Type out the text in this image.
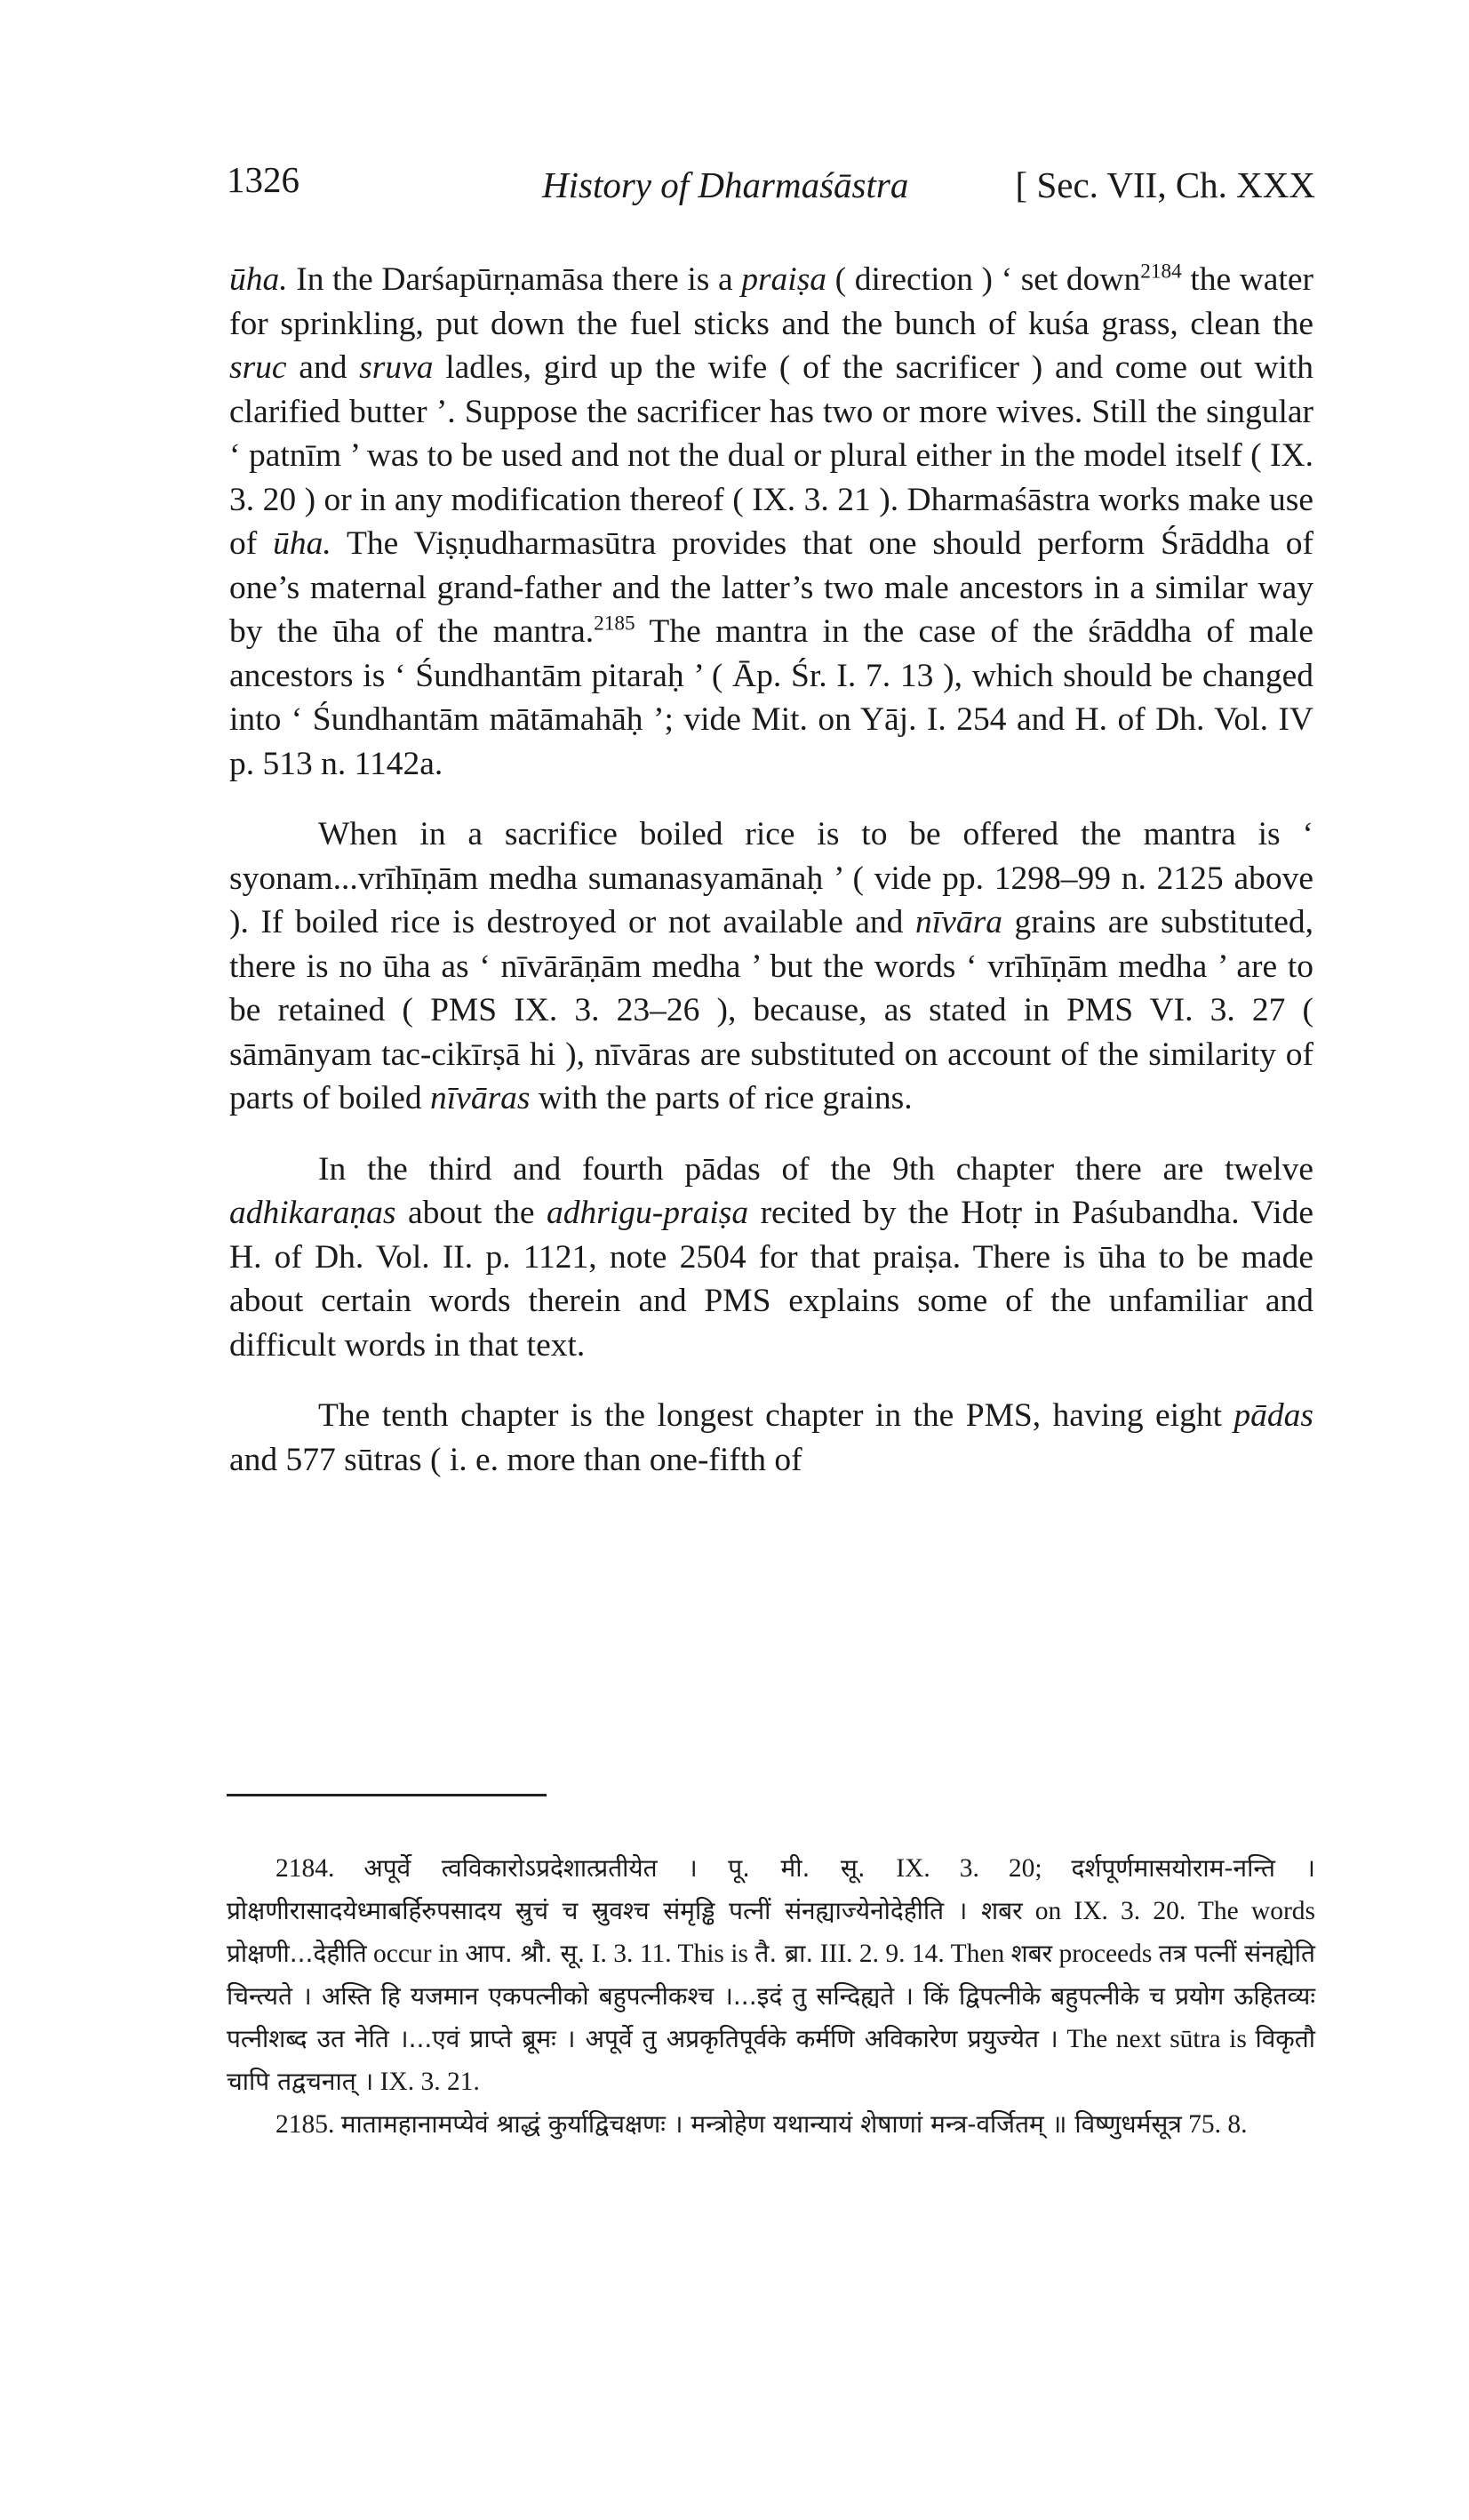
1326	History of Dharmaśāstra	[ Sec. VII, Ch. XXX

ūha. In the Darśapūrṇamāsa there is a praiṣa ( direction ) ‘ set down$^{2184}$ the water for sprinkling, put down the fuel sticks and the bunch of kuśa grass, clean the sruc and sruva ladles, gird up the wife ( of the sacrificer ) and come out with clarified butter ’. Suppose the sacrificer has two or more wives. Still the singular ‘ patnīm ’ was to be used and not the dual or plural either in the model itself ( IX. 3. 20 ) or in any modification thereof ( IX. 3. 21 ). Dharmaśāstra works make use of ūha. The Viṣṇudharmasūtra provides that one should perform Śrāddha of one’s maternal grand-father and the latter’s two male ancestors in a similar way by the ūha of the mantra.$^{2185}$ The mantra in the case of the śrāddha of male ancestors is ‘ Śundhantām pitaraḥ ’ ( Āp. Śr. I. 7. 13 ), which should be changed into ‘ Śundhantām mātāmahāḥ ’; vide Mit. on Yāj. I. 254 and H. of Dh. Vol. IV p. 513 n. 1142a.

When in a sacrifice boiled rice is to be offered the mantra is ‘ syonam...vrīhīṇām medha sumanasyamānaḥ ’ ( vide pp. 1298–99 n. 2125 above ). If boiled rice is destroyed or not available and nīvāra grains are substituted, there is no ūha as ‘ nīvārāṇām medha ’ but the words ‘ vrīhīṇām medha ’ are to be retained ( PMS IX. 3. 23–26 ), because, as stated in PMS VI. 3. 27 ( sāmānyam tac-cikīrṣā hi ), nīvāras are substituted on account of the similarity of parts of boiled nīvāras with the parts of rice grains.

In the third and fourth pādas of the 9th chapter there are twelve adhikaraṇas about the adhrigu-praiṣa recited by the Hotṛ in Paśubandha. Vide H. of Dh. Vol. II. p. 1121, note 2504 for that praiṣa. There is ūha to be made about certain words therein and PMS explains some of the unfamiliar and difficult words in that text.

The tenth chapter is the longest chapter in the PMS, having eight pādas and 577 sūtras ( i. e. more than one-fifth of

2184. अपूर्वे त्वविकारोऽप्रदेशात्प्रतीयेत । पू. मी. सू. IX. 3. 20; दर्शपूर्णमासयोराम-नन्ति । प्रोक्षणीरासादयेध्माबर्हिरुपसादय स्रुचं च स्रुवश्च संमृड्ढि पत्नीं संनह्याज्येनोदेहीति । शबर on IX. 3. 20. The words प्रोक्षणी...देहीति occur in आप. श्रौ. सू. I. 3. 11. This is तै. ब्रा. III. 2. 9. 14. Then शबर proceeds तत्र पत्नीं संनह्येति चिन्त्यते । अस्ति हि यजमान एकपत्नीको बहुपत्नीकश्च ।...इदं तु सन्दिह्यते । किं द्विपत्नीके बहुपत्नीके च प्रयोग ऊहितव्यः पत्नीशब्द उत नेति ।...एवं प्राप्ते ब्रूमः । अपूर्वे तु अप्रकृतिपूर्वके कर्मणि अविकारेण प्रयुज्येत । The next sūtra is विकृतौ चापि तद्वचनात् । IX. 3. 21.

2185. मातामहानामप्येवं श्राद्धं कुर्याद्विचक्षणः । मन्त्रोहेण यथान्यायं शेषाणां मन्त्र-वर्जितम् ॥ विष्णुधर्मसूत्र 75. 8.
